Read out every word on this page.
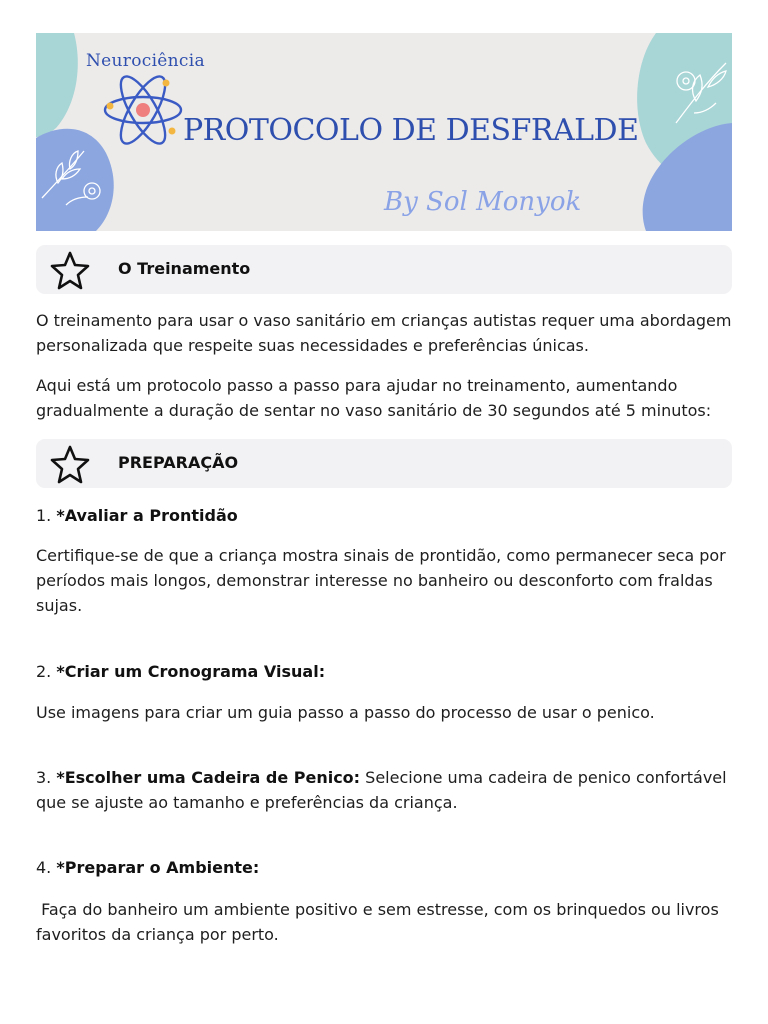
Neurociência
PROTOCOLO DE DESFRALDE
By Sol Monyok
O Treinamento

O treinamento para usar o vaso sanitário em crianças autistas requer uma abordagem personalizada que respeite suas necessidades e preferências únicas.

Aqui está um protocolo passo a passo para ajudar no treinamento, aumentando gradualmente a duração de sentar no vaso sanitário de 30 segundos até 5 minutos:

PREPARAÇÃO

1. *Avaliar a Prontidão

Certifique-se de que a criança mostra sinais de prontidão, como permanecer seca por períodos mais longos, demonstrar interesse no banheiro ou desconforto com fraldas sujas.

2. *Criar um Cronograma Visual:

Use imagens para criar um guia passo a passo do processo de usar o penico.

3. *Escolher uma Cadeira de Penico: Selecione uma cadeira de penico confortável que se ajuste ao tamanho e preferências da criança.

4. *Preparar o Ambiente:

Faça do banheiro um ambiente positivo e sem estresse, com os brinquedos ou livros favoritos da criança por perto.
